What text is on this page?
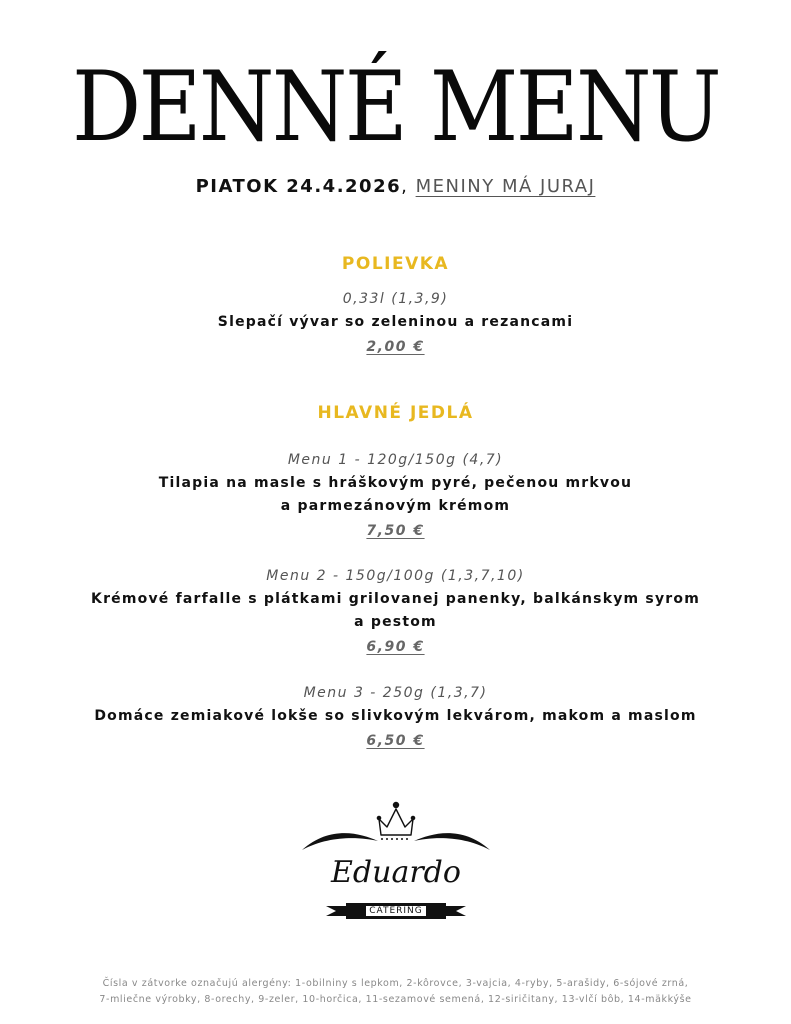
DENNÉ MENU
PIATOK 24.4.2026, MENINY MÁ JURAJ
POLIEVKA
0,33l (1,3,9)
Slepačí vývar so zeleninou a rezancami
2,00 €
HLAVNÉ JEDLÁ
Menu 1 - 120g/150g (4,7)
Tilapia na masle s hráškovým pyré, pečenou mrkvou
a parmezánovým krémom
7,50 €
Menu 2 - 150g/100g (1,3,7,10)
Krémové farfalle s plátkami grilovanej panenky, balkánskym syrom
a pestom
6,90 €
Menu 3 - 250g (1,3,7)
Domáce zemiakové lokše so slivkovým lekvárom, makom a maslom
6,50 €
Eduardo
CATERING
Čísla v zátvorke označujú alergény: 1-obilniny s lepkom, 2-kôrovce, 3-vajcia, 4-ryby, 5-arašidy, 6-sójové zrná,
7-mliečne výrobky, 8-orechy, 9-zeler, 10-horčica, 11-sezamové semená, 12-siričitany, 13-vlčí bôb, 14-mäkkýše
